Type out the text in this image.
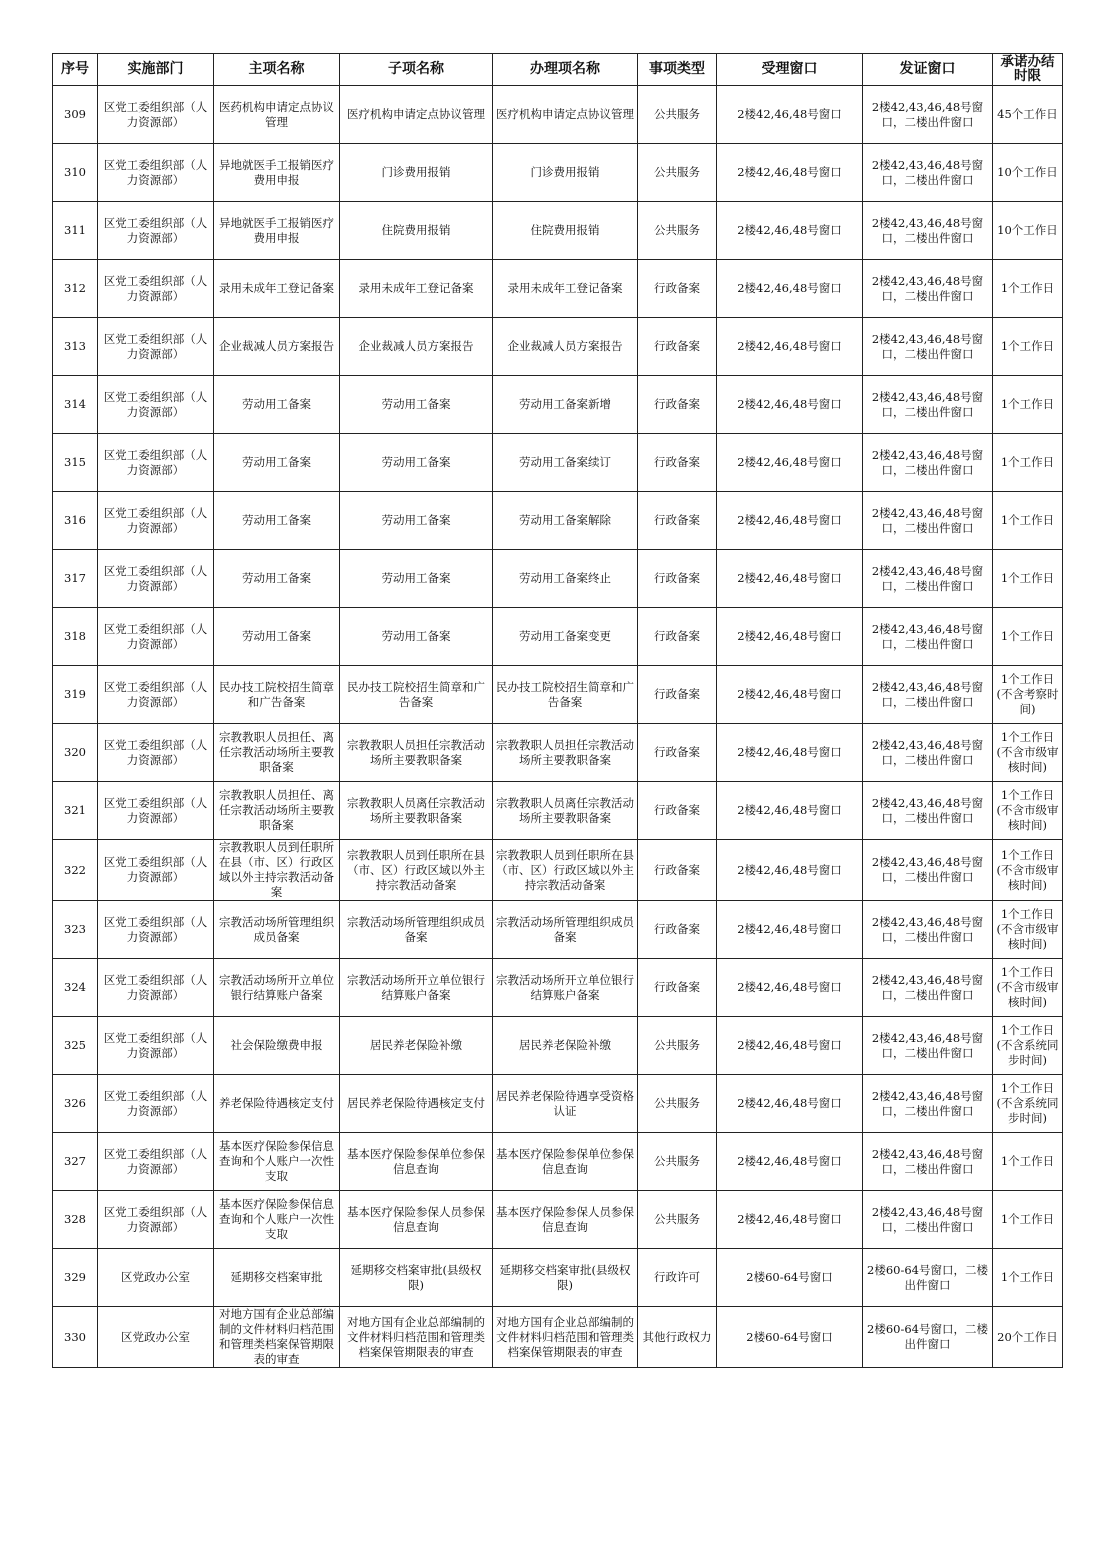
序号	实施部门	主项名称	子项名称	办理项名称	事项类型	受理窗口	发证窗口	承诺办结时限
309	区党工委组织部（人力资源部）	医药机构申请定点协议管理	医疗机构申请定点协议管理	医疗机构申请定点协议管理	公共服务	2楼42,46,48号窗口	2楼42,43,46,48号窗口，二楼出件窗口	45个工作日
310	区党工委组织部（人力资源部）	异地就医手工报销医疗费用申报	门诊费用报销	门诊费用报销	公共服务	2楼42,46,48号窗口	2楼42,43,46,48号窗口，二楼出件窗口	10个工作日
311	区党工委组织部（人力资源部）	异地就医手工报销医疗费用申报	住院费用报销	住院费用报销	公共服务	2楼42,46,48号窗口	2楼42,43,46,48号窗口，二楼出件窗口	10个工作日
312	区党工委组织部（人力资源部）	录用未成年工登记备案	录用未成年工登记备案	录用未成年工登记备案	行政备案	2楼42,46,48号窗口	2楼42,43,46,48号窗口，二楼出件窗口	1个工作日
313	区党工委组织部（人力资源部）	企业裁减人员方案报告	企业裁减人员方案报告	企业裁减人员方案报告	行政备案	2楼42,46,48号窗口	2楼42,43,46,48号窗口，二楼出件窗口	1个工作日
314	区党工委组织部（人力资源部）	劳动用工备案	劳动用工备案	劳动用工备案新增	行政备案	2楼42,46,48号窗口	2楼42,43,46,48号窗口，二楼出件窗口	1个工作日
315	区党工委组织部（人力资源部）	劳动用工备案	劳动用工备案	劳动用工备案续订	行政备案	2楼42,46,48号窗口	2楼42,43,46,48号窗口，二楼出件窗口	1个工作日
316	区党工委组织部（人力资源部）	劳动用工备案	劳动用工备案	劳动用工备案解除	行政备案	2楼42,46,48号窗口	2楼42,43,46,48号窗口，二楼出件窗口	1个工作日
317	区党工委组织部（人力资源部）	劳动用工备案	劳动用工备案	劳动用工备案终止	行政备案	2楼42,46,48号窗口	2楼42,43,46,48号窗口，二楼出件窗口	1个工作日
318	区党工委组织部（人力资源部）	劳动用工备案	劳动用工备案	劳动用工备案变更	行政备案	2楼42,46,48号窗口	2楼42,43,46,48号窗口，二楼出件窗口	1个工作日
319	区党工委组织部（人力资源部）	民办技工院校招生简章和广告备案	民办技工院校招生简章和广告备案	民办技工院校招生简章和广告备案	行政备案	2楼42,46,48号窗口	2楼42,43,46,48号窗口，二楼出件窗口	1个工作日(不含考察时间)
320	区党工委组织部（人力资源部）	宗教教职人员担任、离任宗教活动场所主要教职备案	宗教教职人员担任宗教活动场所主要教职备案	宗教教职人员担任宗教活动场所主要教职备案	行政备案	2楼42,46,48号窗口	2楼42,43,46,48号窗口，二楼出件窗口	1个工作日(不含市级审核时间)
321	区党工委组织部（人力资源部）	宗教教职人员担任、离任宗教活动场所主要教职备案	宗教教职人员离任宗教活动场所主要教职备案	宗教教职人员离任宗教活动场所主要教职备案	行政备案	2楼42,46,48号窗口	2楼42,43,46,48号窗口，二楼出件窗口	1个工作日(不含市级审核时间)
322	区党工委组织部（人力资源部）	宗教教职人员到任职所在县（市、区）行政区域以外主持宗教活动备案	宗教教职人员到任职所在县（市、区）行政区域以外主持宗教活动备案	宗教教职人员到任职所在县（市、区）行政区域以外主持宗教活动备案	行政备案	2楼42,46,48号窗口	2楼42,43,46,48号窗口，二楼出件窗口	1个工作日(不含市级审核时间)
323	区党工委组织部（人力资源部）	宗教活动场所管理组织成员备案	宗教活动场所管理组织成员备案	宗教活动场所管理组织成员备案	行政备案	2楼42,46,48号窗口	2楼42,43,46,48号窗口，二楼出件窗口	1个工作日(不含市级审核时间)
324	区党工委组织部（人力资源部）	宗教活动场所开立单位银行结算账户备案	宗教活动场所开立单位银行结算账户备案	宗教活动场所开立单位银行结算账户备案	行政备案	2楼42,46,48号窗口	2楼42,43,46,48号窗口，二楼出件窗口	1个工作日(不含市级审核时间)
325	区党工委组织部（人力资源部）	社会保险缴费申报	居民养老保险补缴	居民养老保险补缴	公共服务	2楼42,46,48号窗口	2楼42,43,46,48号窗口，二楼出件窗口	1个工作日(不含系统同步时间)
326	区党工委组织部（人力资源部）	养老保险待遇核定支付	居民养老保险待遇核定支付	居民养老保险待遇享受资格认证	公共服务	2楼42,46,48号窗口	2楼42,43,46,48号窗口，二楼出件窗口	1个工作日(不含系统同步时间)
327	区党工委组织部（人力资源部）	基本医疗保险参保信息查询和个人账户一次性支取	基本医疗保险参保单位参保信息查询	基本医疗保险参保单位参保信息查询	公共服务	2楼42,46,48号窗口	2楼42,43,46,48号窗口，二楼出件窗口	1个工作日
328	区党工委组织部（人力资源部）	基本医疗保险参保信息查询和个人账户一次性支取	基本医疗保险参保人员参保信息查询	基本医疗保险参保人员参保信息查询	公共服务	2楼42,46,48号窗口	2楼42,43,46,48号窗口，二楼出件窗口	1个工作日
329	区党政办公室	延期移交档案审批	延期移交档案审批(县级权限)	延期移交档案审批(县级权限)	行政许可	2楼60-64号窗口	2楼60-64号窗口，二楼出件窗口	1个工作日
330	区党政办公室	对地方国有企业总部编制的文件材料归档范围和管理类档案保管期限表的审查	对地方国有企业总部编制的文件材料归档范围和管理类档案保管期限表的审查	对地方国有企业总部编制的文件材料归档范围和管理类档案保管期限表的审查	其他行政权力	2楼60-64号窗口	2楼60-64号窗口，二楼出件窗口	20个工作日
